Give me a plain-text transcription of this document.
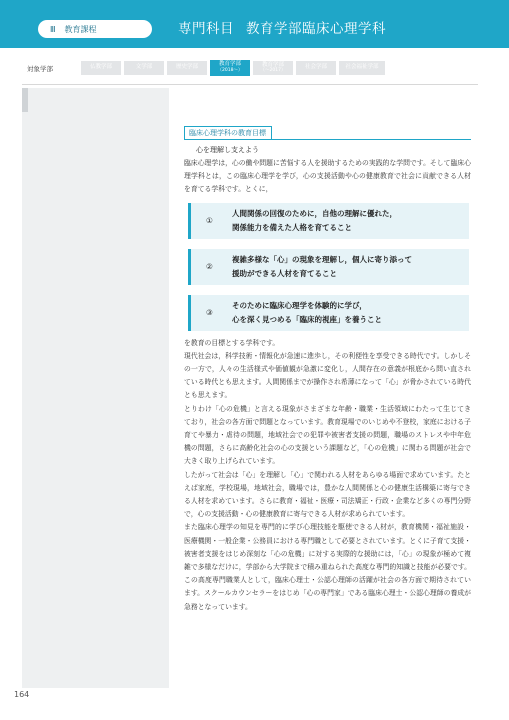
Ⅲ 教育課程	専門科目 教育学部臨床心理学科
対象学部	仏教学部	文学部	歴史学部
教育学部
（2018〜）
教育学部
（〜2017）
社会学部	社会福祉学部
臨床心理学科の教育目標
心を理解し支えよう

臨床心理学は，心の働や問題に苦悩する人を援助するための実践的な学問です。そして臨床心理学科とは，この臨床心理学を学び，心の支援活動や心の健康教育で社会に貢献できる人材を育てる学科です。とくに，

①
人間関係の回復のために，自他の理解に優れた，
関係能力を備えた人格を育てること
②
複雑多様な「心」の現象を理解し，個人に寄り添って
援助ができる人材を育てること
③
そのために臨床心理学を体験的に学び，
心を深く見つめる「臨床的視座」を養うこと

を教育の目標とする学科です。

現代社会は，科学技術・情報化が急速に進歩し，その利便性を享受できる時代です。しかしその一方で，人々の生活様式や価値観が急激に変化し，人間存在の意義が根底から問い直されている時代とも思えます。人間関係までが操作され希薄になって「心」が脅かされている時代とも思えます。

とりわけ「心の危機」と言える現象がさまざまな年齢・職業・生活領域にわたって生じてきており，社会の各方面で問題となっています。教育現場でのいじめや不登校，家庭における子育てや暴力・虐待の問題，地域社会での犯罪や被害者支援の問題，職場のストレスや中年危機の問題，さらに高齢化社会の心の支援という課題など，「心の危機」に関わる問題が社会で大きく取り上げられています。

したがって社会は「心」を理解し「心」で関われる人材をあらゆる場面で求めています。たとえば家庭，学校現場，地域社会，職場では，豊かな人間関係と心の健康生活構築に寄与できる人材を求めています。さらに教育・福祉・医療・司法矯正・行政・企業など多くの専門分野で，心の支援活動・心の健康教育に寄与できる人材が求められています。

また臨床心理学の知見を専門的に学び心理技能を駆使できる人材が，教育機関・福祉施設・医療機関・一般企業・公務員における専門職として必要とされています。とくに子育て支援・被害者支援をはじめ深刻な「心の危機」に対する実際的な援助には，「心」の現象が極めて複雑で多様なだけに，学部から大学院まで積み重ねられた高度な専門的知識と技能が必要です。この高度専門職業人として，臨床心理士・公認心理師の活躍が社会の各方面で期待されています。スクールカウンセラーをはじめ「心の専門家」である臨床心理士・公認心理師の養成が急務となっています。

164
